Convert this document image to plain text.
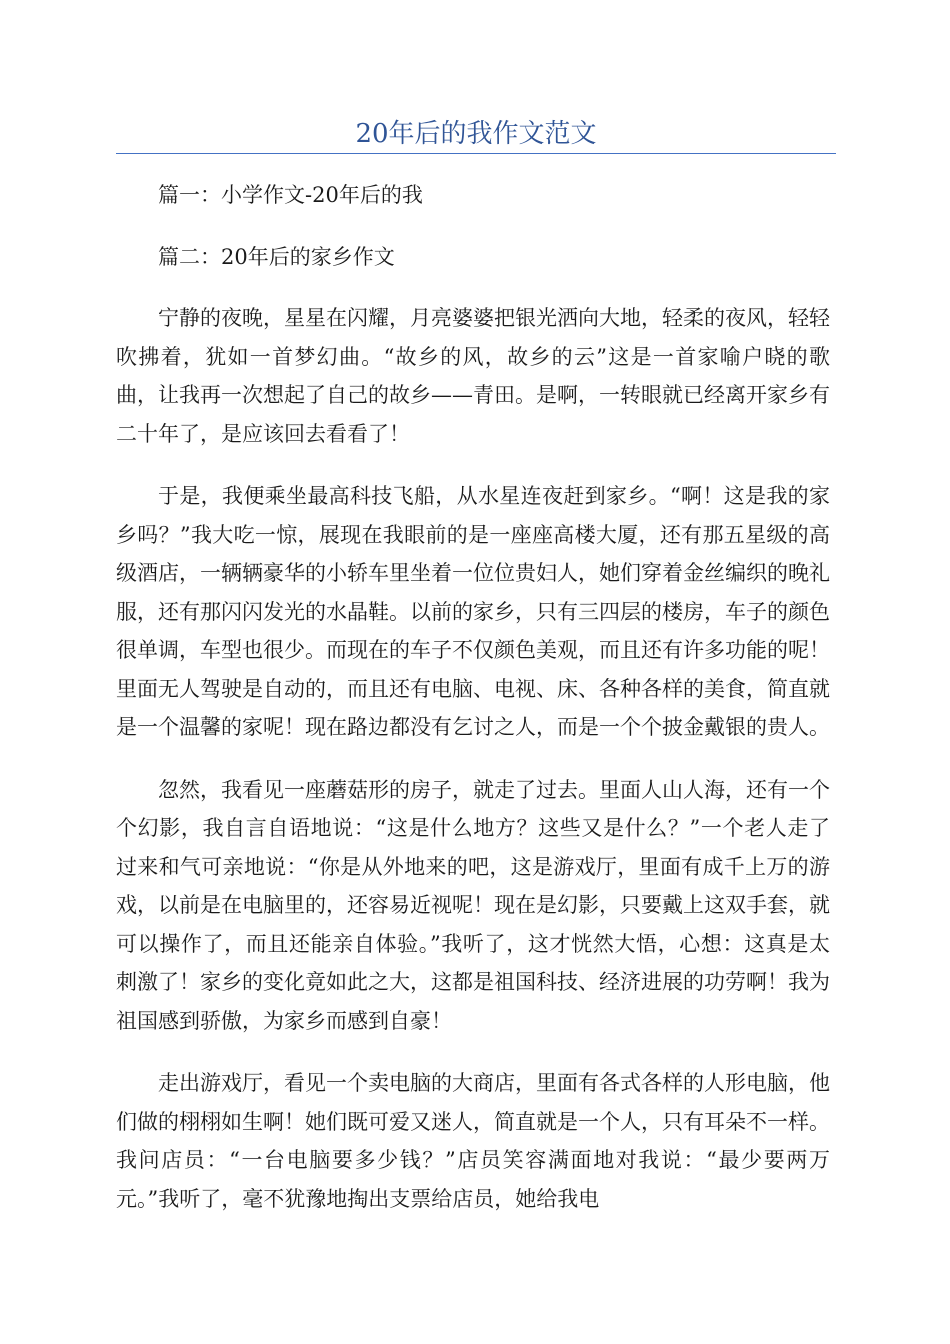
20年后的我作文范文

篇一：小学作文-20年后的我

篇二：20年后的家乡作文

宁静的夜晚，星星在闪耀，月亮婆婆把银光洒向大地，轻柔的夜风，轻轻吹拂着，犹如一首梦幻曲。“故乡的风，故乡的云”这是一首家喻户晓的歌曲，让我再一次想起了自己的故乡——青田。是啊，一转眼就已经离开家乡有二十年了，是应该回去看看了！

于是，我便乘坐最高科技飞船，从水星连夜赶到家乡。“啊！这是我的家乡吗？”我大吃一惊，展现在我眼前的是一座座高楼大厦，还有那五星级的高级酒店，一辆辆豪华的小轿车里坐着一位位贵妇人，她们穿着金丝编织的晚礼服，还有那闪闪发光的水晶鞋。以前的家乡，只有三四层的楼房，车子的颜色很单调，车型也很少。而现在的车子不仅颜色美观，而且还有许多功能的呢！里面无人驾驶是自动的，而且还有电脑、电视、床、各种各样的美食，简直就是一个温馨的家呢！现在路边都没有乞讨之人，而是一个个披金戴银的贵人。

忽然，我看见一座蘑菇形的房子，就走了过去。里面人山人海，还有一个个幻影，我自言自语地说：“这是什么地方？这些又是什么？”一个老人走了过来和气可亲地说：“你是从外地来的吧，这是游戏厅，里面有成千上万的游戏，以前是在电脑里的，还容易近视呢！现在是幻影，只要戴上这双手套，就可以操作了，而且还能亲自体验。”我听了，这才恍然大悟，心想：这真是太刺激了！家乡的变化竟如此之大，这都是祖国科技、经济进展的功劳啊！我为祖国感到骄傲，为家乡而感到自豪！

走出游戏厅，看见一个卖电脑的大商店，里面有各式各样的人形电脑，他们做的栩栩如生啊！她们既可爱又迷人，简直就是一个人，只有耳朵不一样。我问店员：“一台电脑要多少钱？”店员笑容满面地对我说：“最少要两万元。”我听了，毫不犹豫地掏出支票给店员，她给我电
